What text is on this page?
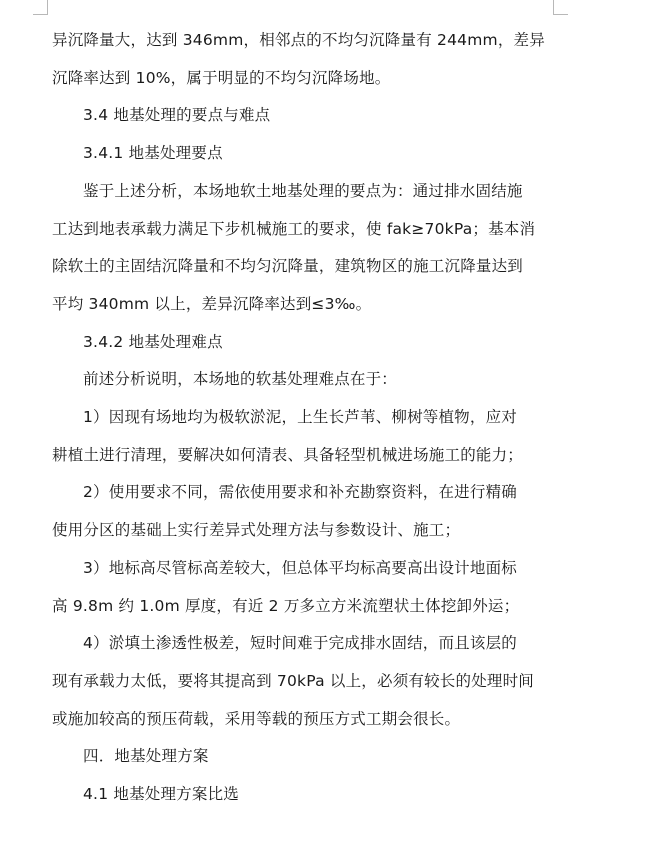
异沉降量大，达到 346mm，相邻点的不均匀沉降量有 244mm，差异

沉降率达到 10%，属于明显的不均匀沉降场地。

3.4 地基处理的要点与难点

3.4.1 地基处理要点

鉴于上述分析，本场地软土地基处理的要点为：通过排水固结施

工达到地表承载力满足下步机械施工的要求，使 fak≥70kPa；基本消

除软土的主固结沉降量和不均匀沉降量，建筑物区的施工沉降量达到

平均 340mm 以上，差异沉降率达到≤3‰。

3.4.2 地基处理难点

前述分析说明，本场地的软基处理难点在于：

1）因现有场地均为极软淤泥，上生长芦苇、柳树等植物，应对

耕植土进行清理，要解决如何清表、具备轻型机械进场施工的能力；

2）使用要求不同，需依使用要求和补充勘察资料，在进行精确

使用分区的基础上实行差异式处理方法与参数设计、施工；

3）地标高尽管标高差较大，但总体平均标高要高出设计地面标

高 9.8m 约 1.0m 厚度，有近 2 万多立方米流塑状土体挖卸外运；

4）淤填土渗透性极差，短时间难于完成排水固结，而且该层的

现有承载力太低，要将其提高到 70kPa 以上，必须有较长的处理时间

或施加较高的预压荷载，采用等载的预压方式工期会很长。

四．地基处理方案

4.1 地基处理方案比选
